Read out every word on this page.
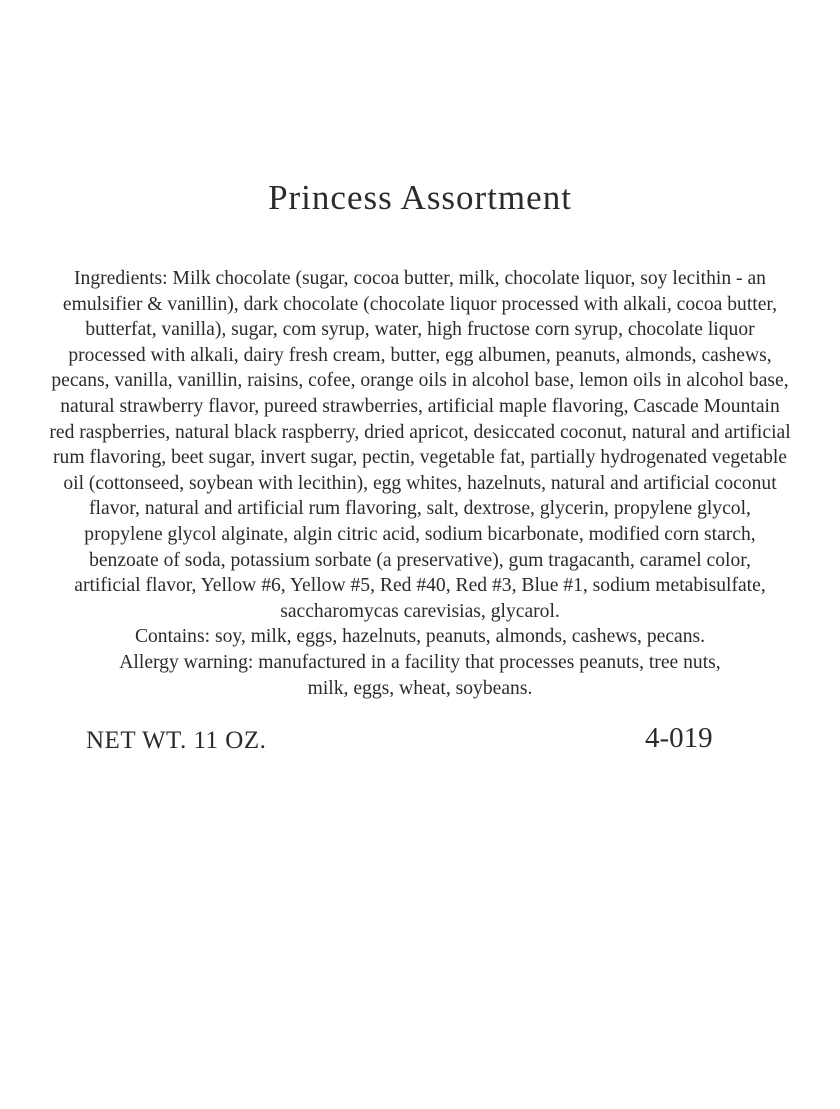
Princess Assortment
Ingredients: Milk chocolate (sugar, cocoa butter, milk, chocolate liquor, soy lecithin - an
emulsifier & vanillin), dark chocolate (chocolate liquor processed with alkali, cocoa butter,
butterfat, vanilla), sugar, com syrup, water, high fructose corn syrup, chocolate liquor
processed with alkali, dairy fresh cream, butter, egg albumen, peanuts, almonds, cashews,
pecans, vanilla, vanillin, raisins, cofee, orange oils in alcohol base, lemon oils in alcohol base,
natural strawberry flavor, pureed strawberries, artificial maple flavoring, Cascade Mountain
red raspberries, natural black raspberry, dried apricot, desiccated coconut, natural and artificial
rum flavoring, beet sugar, invert sugar, pectin, vegetable fat, partially hydrogenated vegetable
oil (cottonseed, soybean with lecithin), egg whites, hazelnuts, natural and artificial coconut
flavor, natural and artificial rum flavoring, salt, dextrose, glycerin, propylene glycol,
propylene glycol alginate, algin citric acid, sodium bicarbonate, modified corn starch,
benzoate of soda, potassium sorbate (a preservative), gum tragacanth, caramel color,
artificial flavor, Yellow #6, Yellow #5, Red #40, Red #3, Blue #1, sodium metabisulfate,
saccharomycas carevisias, glycarol.
Contains: soy, milk, eggs, hazelnuts, peanuts, almonds, cashews, pecans.
Allergy warning: manufactured in a facility that processes peanuts, tree nuts,
milk, eggs, wheat, soybeans.
NET WT. 11 OZ.	4-019
